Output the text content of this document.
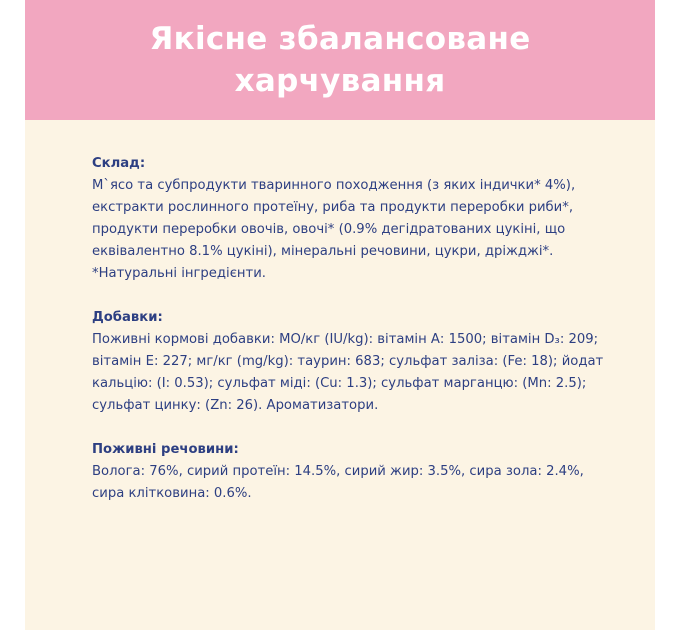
Якісне збалансоване харчування
Склад:
М`ясо та субпродукти тваринного походження (з яких індички* 4%), екстракти рослинного протеїну, риба та продукти переробки риби*, продукти переробки овочів, овочі* (0.9% дегідратованих цукіні, що еквівалентно 8.1% цукіні), мінеральні речовини, цукри, дріжджі*.
*Натуральні інгредієнти.
Добавки:
Поживні кормові добавки: МО/кг (IU/kg): вітамін А: 1500; вітамін D₃: 209; вітамін Е: 227; мг/кг (mg/kg): таурин: 683; сульфат заліза: (Fe: 18); йодат кальцію: (I: 0.53); сульфат міді: (Cu: 1.3); сульфат марганцю: (Mn: 2.5); сульфат цинку: (Zn: 26). Ароматизатори.
Поживні речовини:
Волога: 76%, сирий протеїн: 14.5%, сирий жир: 3.5%, сира зола: 2.4%, сира клітковина: 0.6%.
